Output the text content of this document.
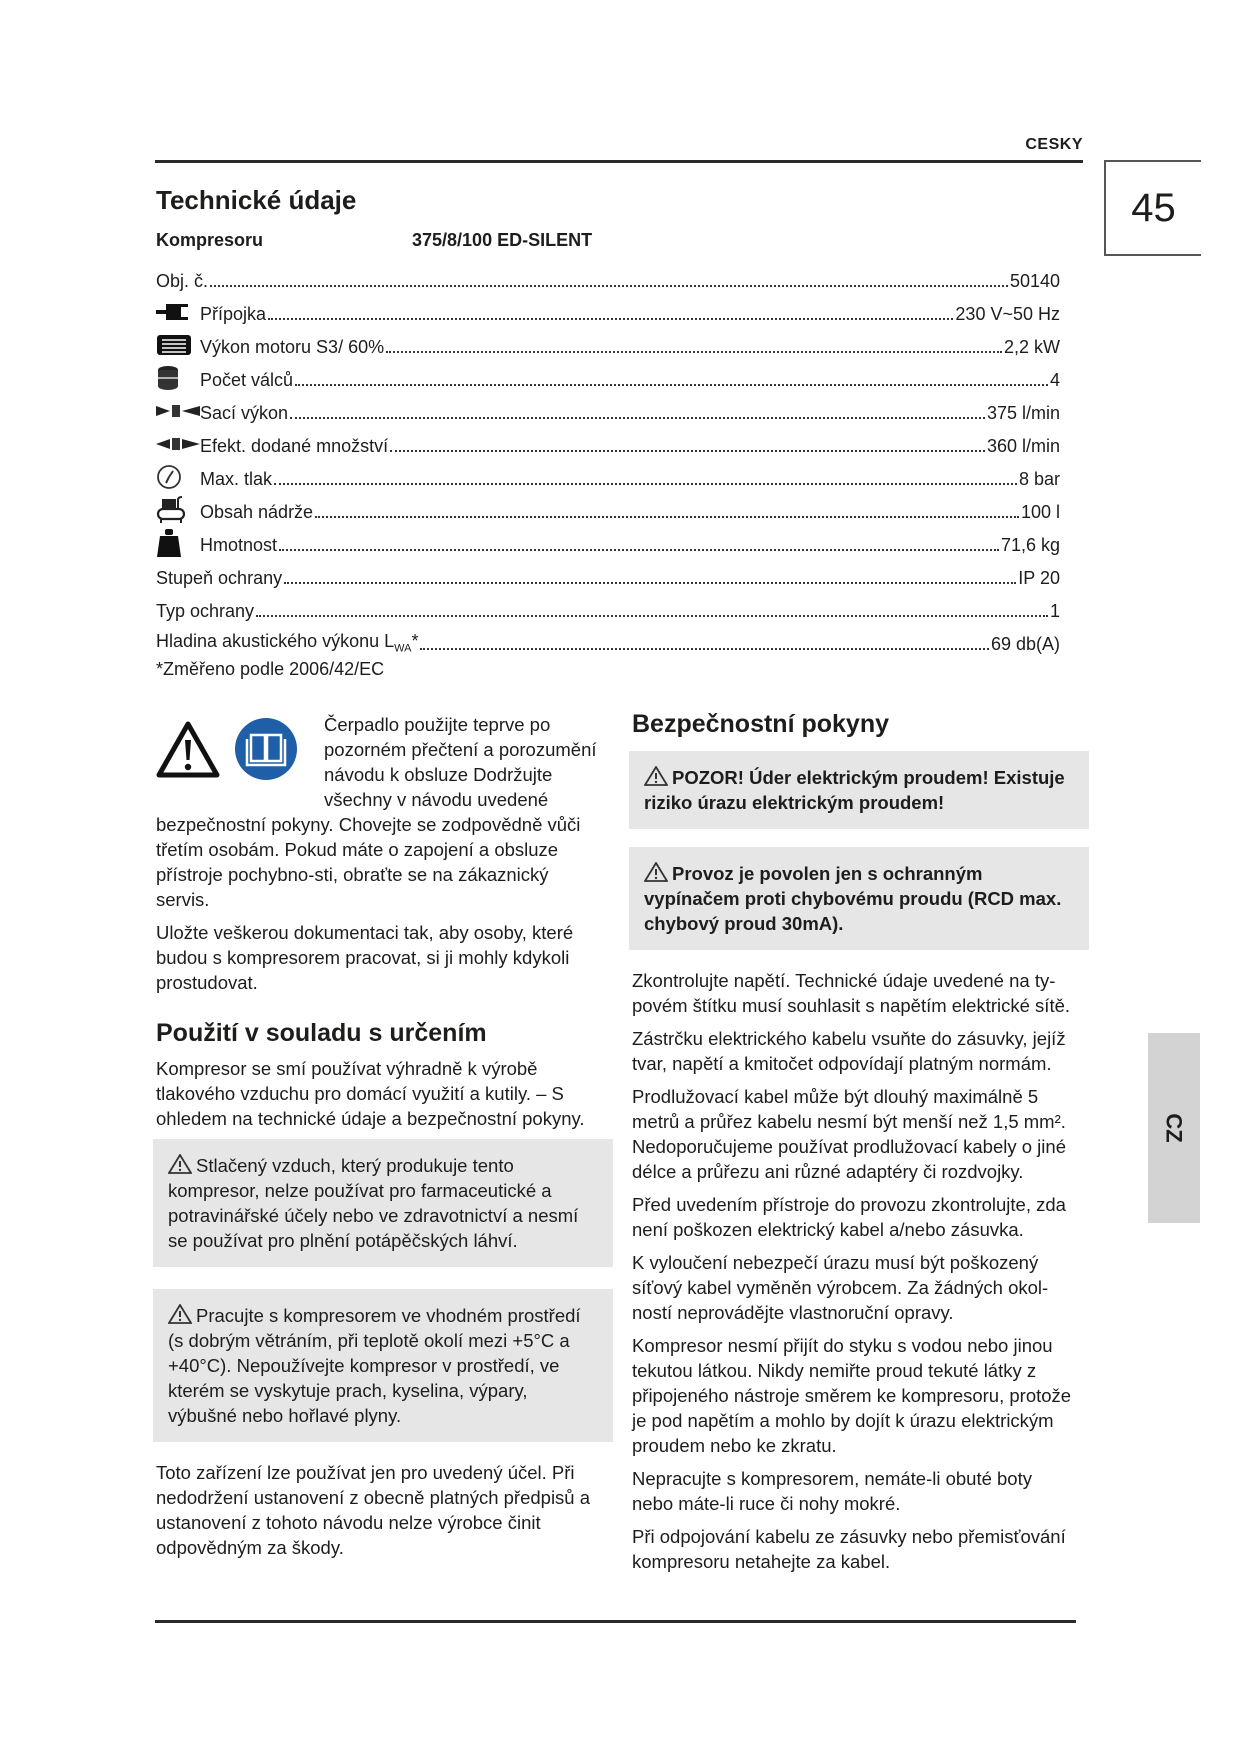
CESKY
45
CZ
Technické údaje
Kompresoru	375/8/100 ED-SILENT
Obj. č.	50140
Přípojka	230 V~50 Hz
Výkon motoru S3/ 60%	2,2 kW
Počet válců	4
Sací výkon	375 l/min
Efekt. dodané množství	360 l/min
Max. tlak	8 bar
Obsah nádrže	100 l
Hmotnost	71,6 kg
Stupeň ochrany	IP 20
Typ ochrany	1
Hladina akustického výkonu $L_{WA}*$	69 db(A)
*Změřeno podle 2006/42/EC

Čerpadlo použijte teprve po pozorném přečtení a porozumění návodu k obsluze Dodržujte všechny v návodu uvedené bezpečnostní pokyny. Chovejte se zodpovědně vůči třetím osobám. Pokud máte o zapojení a obsluze přístroje pochybno-sti, obraťte se na zákaznický servis.

Uložte veškerou dokumentaci tak, aby osoby, které budou s kompresorem pracovat, si ji mohly kdykoli prostudovat.

Použití v souladu s určením

Kompresor se smí používat výhradně k výrobě tlakového vzduchu pro domácí využití a kutily. – S ohledem na technické údaje a bezpečnostní pokyny.

Stlačený vzduch, který produkuje tento kompresor, nelze používat pro farmaceutické a potravinářské účely nebo ve zdravotnictví a nesmí se používat pro plnění potápěčských láhví.
Pracujte s kompresorem ve vhodném prostředí (s dobrým větráním, při teplotě okolí mezi +5°C a +40°C). Nepoužívejte kompresor v prostředí, ve kterém se vyskytuje prach, kyselina, výpary, výbušné nebo hořlavé plyny.

Toto zařízení lze používat jen pro uvedený účel. Při nedodržení ustanovení z obecně platných předpisů a ustanovení z tohoto návodu nelze výrobce činit odpovědným za škody.

Bezpečnostní pokyny
POZOR! Úder elektrickým proudem! Existuje riziko úrazu elektrickým proudem!
Provoz je povolen jen s ochranným vypínačem proti chybovému proudu (RCD max. chybový proud 30mA).

Zkontrolujte napětí. Technické údaje uvedené na ty-povém štítku musí souhlasit s napětím elektrické sítě.

Zástrčku elektrického kabelu vsuňte do zásuvky, jejíž tvar, napětí a kmitočet odpovídají platným normám.

Prodlužovací kabel může být dlouhý maximálně 5 metrů a průřez kabelu nesmí být menší než 1,5 mm². Nedoporučujeme používat prodlužovací kabely o jiné délce a průřezu ani různé adaptéry či rozdvojky.

Před uvedením přístroje do provozu zkontrolujte, zda není poškozen elektrický kabel a/nebo zásuvka.

K vyloučení nebezpečí úrazu musí být poškozený síťový kabel vyměněn výrobcem. Za žádných okol-ností neprovádějte vlastnoruční opravy.

Kompresor nesmí přijít do styku s vodou nebo jinou tekutou látkou. Nikdy nemiřte proud tekuté látky z připojeného nástroje směrem ke kompresoru, protože je pod napětím a mohlo by dojít k úrazu elektrickým proudem nebo ke zkratu.

Nepracujte s kompresorem, nemáte-li obuté boty nebo máte-li ruce či nohy mokré.

Při odpojování kabelu ze zásuvky nebo přemisťování kompresoru netahejte za kabel.
